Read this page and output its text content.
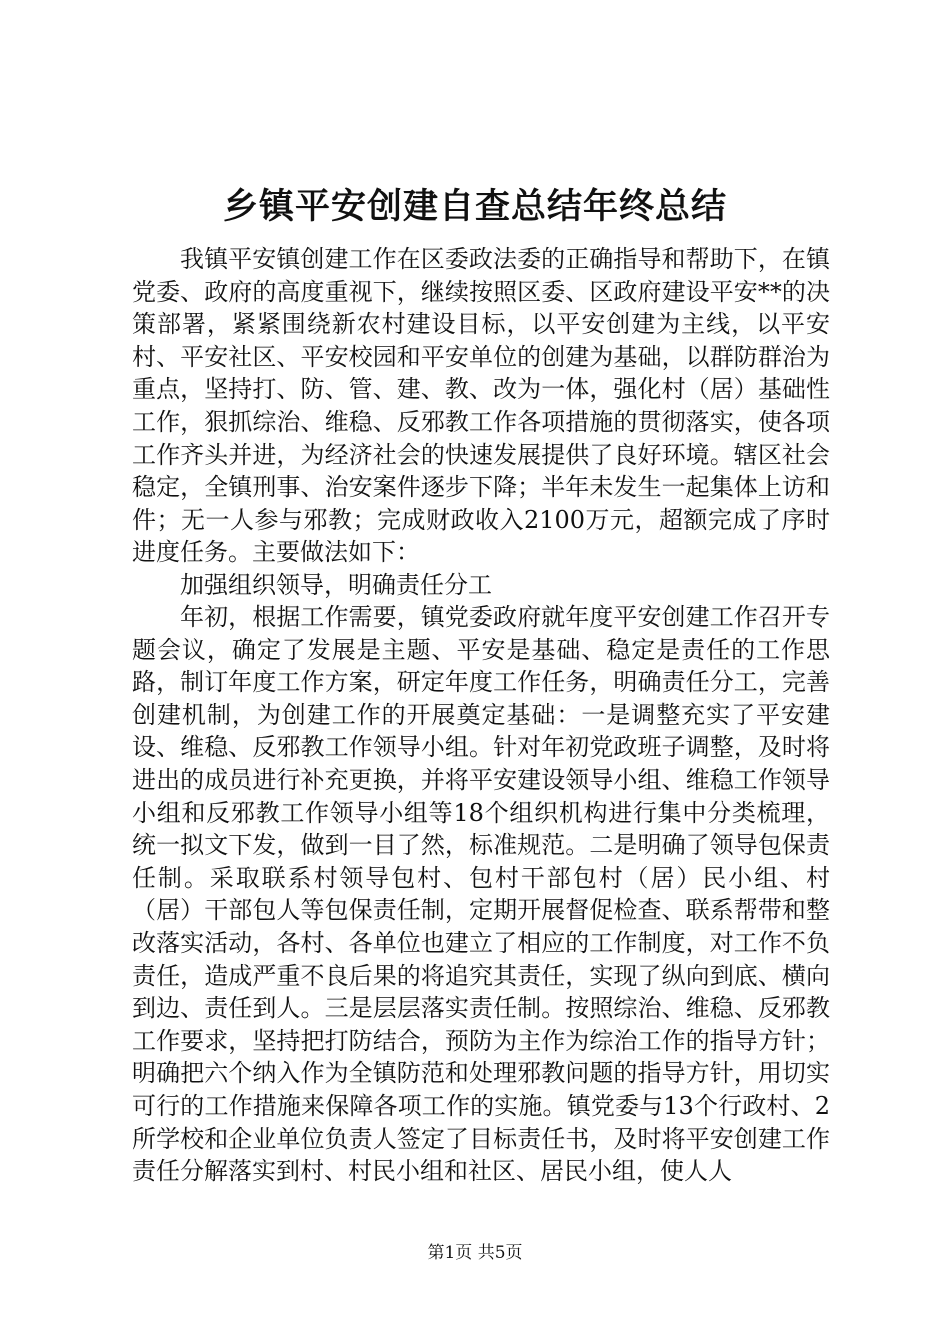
乡镇平安创建自查总结年终总结

我镇平安镇创建工作在区委政法委的正确指导和帮助下，在镇党委、政府的高度重视下，继续按照区委、区政府建设平安**的决策部署，紧紧围绕新农村建设目标，以平安创建为主线，以平安村、平安社区、平安校园和平安单位的创建为基础，以群防群治为重点，坚持打、防、管、建、教、改为一体，强化村（居）基础性工作，狠抓综治、维稳、反邪教工作各项措施的贯彻落实，使各项工作齐头并进，为经济社会的快速发展提供了良好环境。辖区社会稳定，全镇刑事、治安案件逐步下降；半年未发生一起集体上访和件；无一人参与邪教；完成财政收入2100万元，超额完成了序时进度任务。主要做法如下：

加强组织领导，明确责任分工

年初，根据工作需要，镇党委政府就年度平安创建工作召开专题会议，确定了发展是主题、平安是基础、稳定是责任的工作思路，制订年度工作方案，研定年度工作任务，明确责任分工，完善创建机制，为创建工作的开展奠定基础：一是调整充实了平安建设、维稳、反邪教工作领导小组。针对年初党政班子调整，及时将进出的成员进行补充更换，并将平安建设领导小组、维稳工作领导小组和反邪教工作领导小组等18个组织机构进行集中分类梳理，统一拟文下发，做到一目了然，标准规范。二是明确了领导包保责任制。采取联系村领导包村、包村干部包村（居）民小组、村（居）干部包人等包保责任制，定期开展督促检查、联系帮带和整改落实活动，各村、各单位也建立了相应的工作制度，对工作不负责任，造成严重不良后果的将追究其责任，实现了纵向到底、横向到边、责任到人。三是层层落实责任制。按照综治、维稳、反邪教工作要求，坚持把打防结合，预防为主作为综治工作的指导方针；明确把六个纳入作为全镇防范和处理邪教问题的指导方针，用切实可行的工作措施来保障各项工作的实施。镇党委与13个行政村、2所学校和企业单位负责人签定了目标责任书，及时将平安创建工作责任分解落实到村、村民小组和社区、居民小组，使人人

第1页 共5页
